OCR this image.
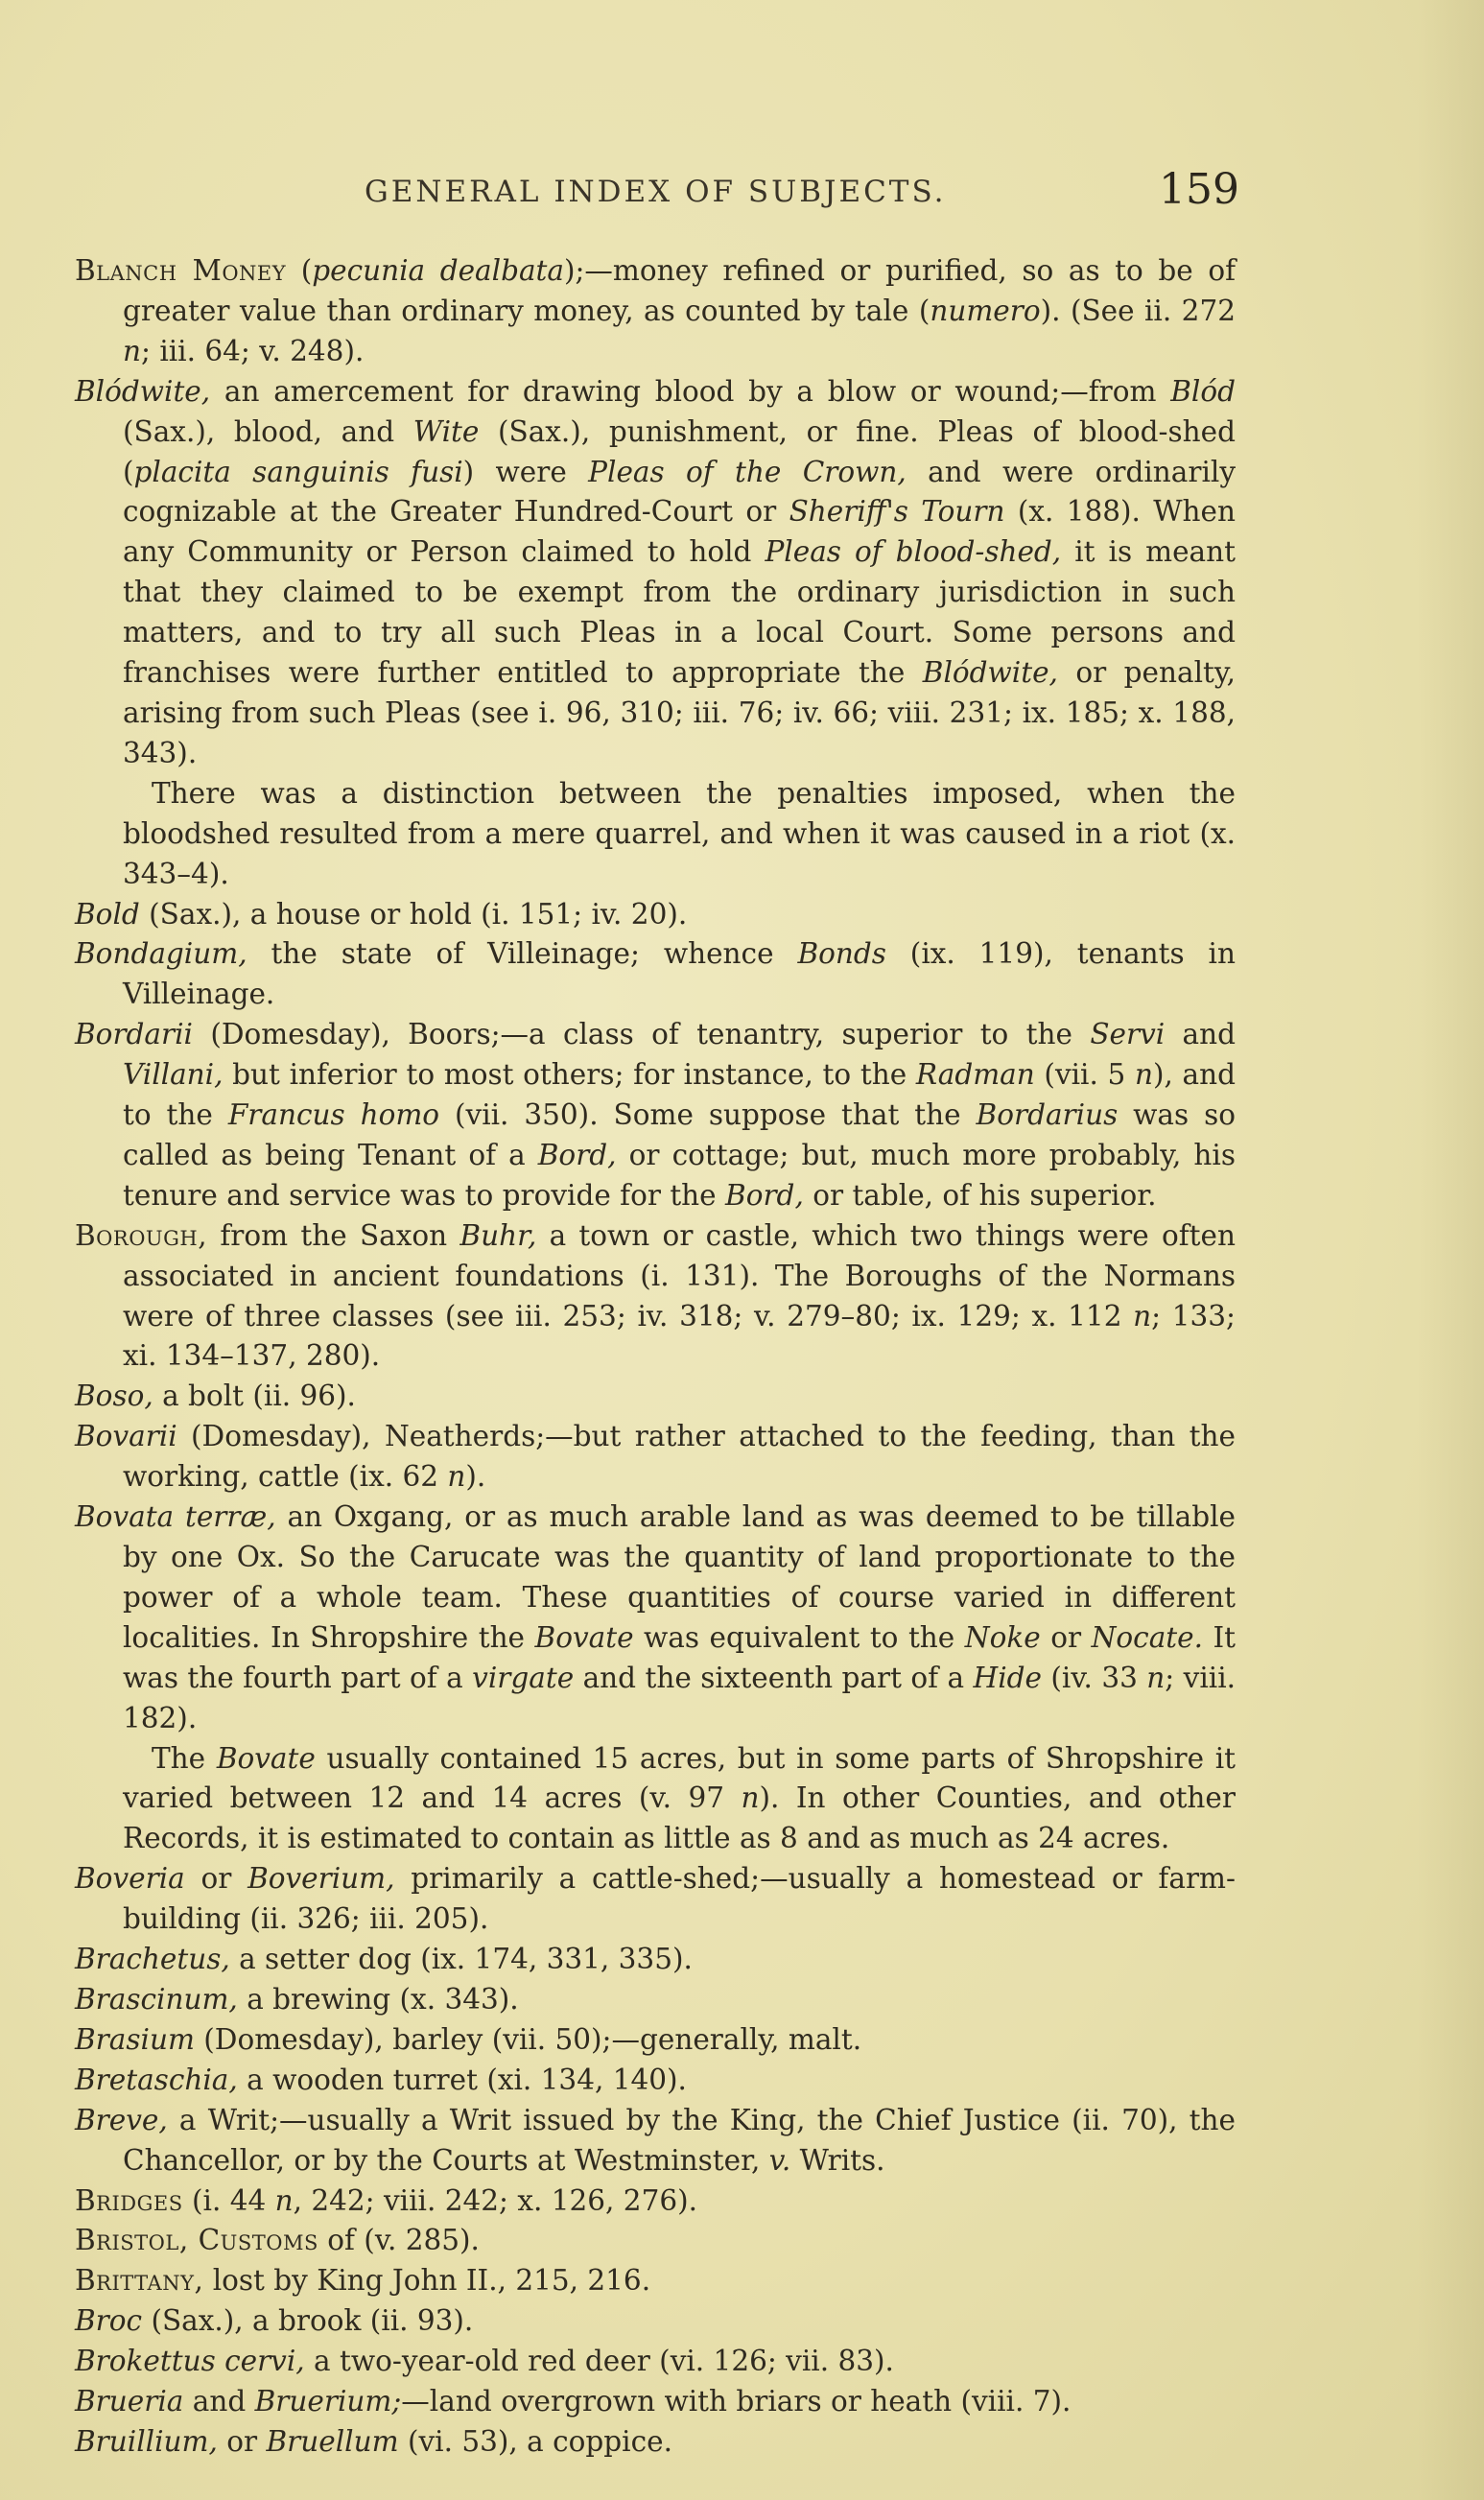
GENERAL INDEX OF SUBJECTS.	159

Blanch Money (pecunia dealbata);—money refined or purified, so as to be of greater value than ordinary money, as counted by tale (numero). (See ii. 272 n; iii. 64; v. 248).

Blódwite, an amercement for drawing blood by a blow or wound;—from Blód (Sax.), blood, and Wite (Sax.), punishment, or fine. Pleas of blood-shed (placita sanguinis fusi) were Pleas of the Crown, and were ordinarily cognizable at the Greater Hundred-Court or Sheriff's Tourn (x. 188). When any Community or Person claimed to hold Pleas of blood-shed, it is meant that they claimed to be exempt from the ordinary jurisdiction in such matters, and to try all such Pleas in a local Court. Some persons and franchises were further entitled to appropriate the Blódwite, or penalty, arising from such Pleas (see i. 96, 310; iii. 76; iv. 66; viii. 231; ix. 185; x. 188, 343).

There was a distinction between the penalties imposed, when the bloodshed resulted from a mere quarrel, and when it was caused in a riot (x. 343–4).

Bold (Sax.), a house or hold (i. 151; iv. 20).

Bondagium, the state of Villeinage; whence Bonds (ix. 119), tenants in Villeinage.

Bordarii (Domesday), Boors;—a class of tenantry, superior to the Servi and Villani, but inferior to most others; for instance, to the Radman (vii. 5 n), and to the Francus homo (vii. 350). Some suppose that the Bordarius was so called as being Tenant of a Bord, or cottage; but, much more probably, his tenure and service was to provide for the Bord, or table, of his superior.

Borough, from the Saxon Buhr, a town or castle, which two things were often associated in ancient foundations (i. 131). The Boroughs of the Normans were of three classes (see iii. 253; iv. 318; v. 279–80; ix. 129; x. 112 n; 133; xi. 134–137, 280).

Boso, a bolt (ii. 96).

Bovarii (Domesday), Neatherds;—but rather attached to the feeding, than the working, cattle (ix. 62 n).

Bovata terræ, an Oxgang, or as much arable land as was deemed to be tillable by one Ox. So the Carucate was the quantity of land proportionate to the power of a whole team. These quantities of course varied in different localities. In Shropshire the Bovate was equivalent to the Noke or Nocate. It was the fourth part of a virgate and the sixteenth part of a Hide (iv. 33 n; viii. 182).

The Bovate usually contained 15 acres, but in some parts of Shropshire it varied between 12 and 14 acres (v. 97 n). In other Counties, and other Records, it is estimated to contain as little as 8 and as much as 24 acres.

Boveria or Boverium, primarily a cattle-shed;—usually a homestead or farm-building (ii. 326; iii. 205).

Brachetus, a setter dog (ix. 174, 331, 335).

Brascinum, a brewing (x. 343).

Brasium (Domesday), barley (vii. 50);—generally, malt.

Bretaschia, a wooden turret (xi. 134, 140).

Breve, a Writ;—usually a Writ issued by the King, the Chief Justice (ii. 70), the Chancellor, or by the Courts at Westminster, v. Writs.

Bridges (i. 44 n, 242; viii. 242; x. 126, 276).

Bristol, Customs of (v. 285).

Brittany, lost by King John II., 215, 216.

Broc (Sax.), a brook (ii. 93).

Brokettus cervi, a two-year-old red deer (vi. 126; vii. 83).

Brueria and Bruerium;—land overgrown with briars or heath (viii. 7).

Bruillium, or Bruellum (vi. 53), a coppice.
